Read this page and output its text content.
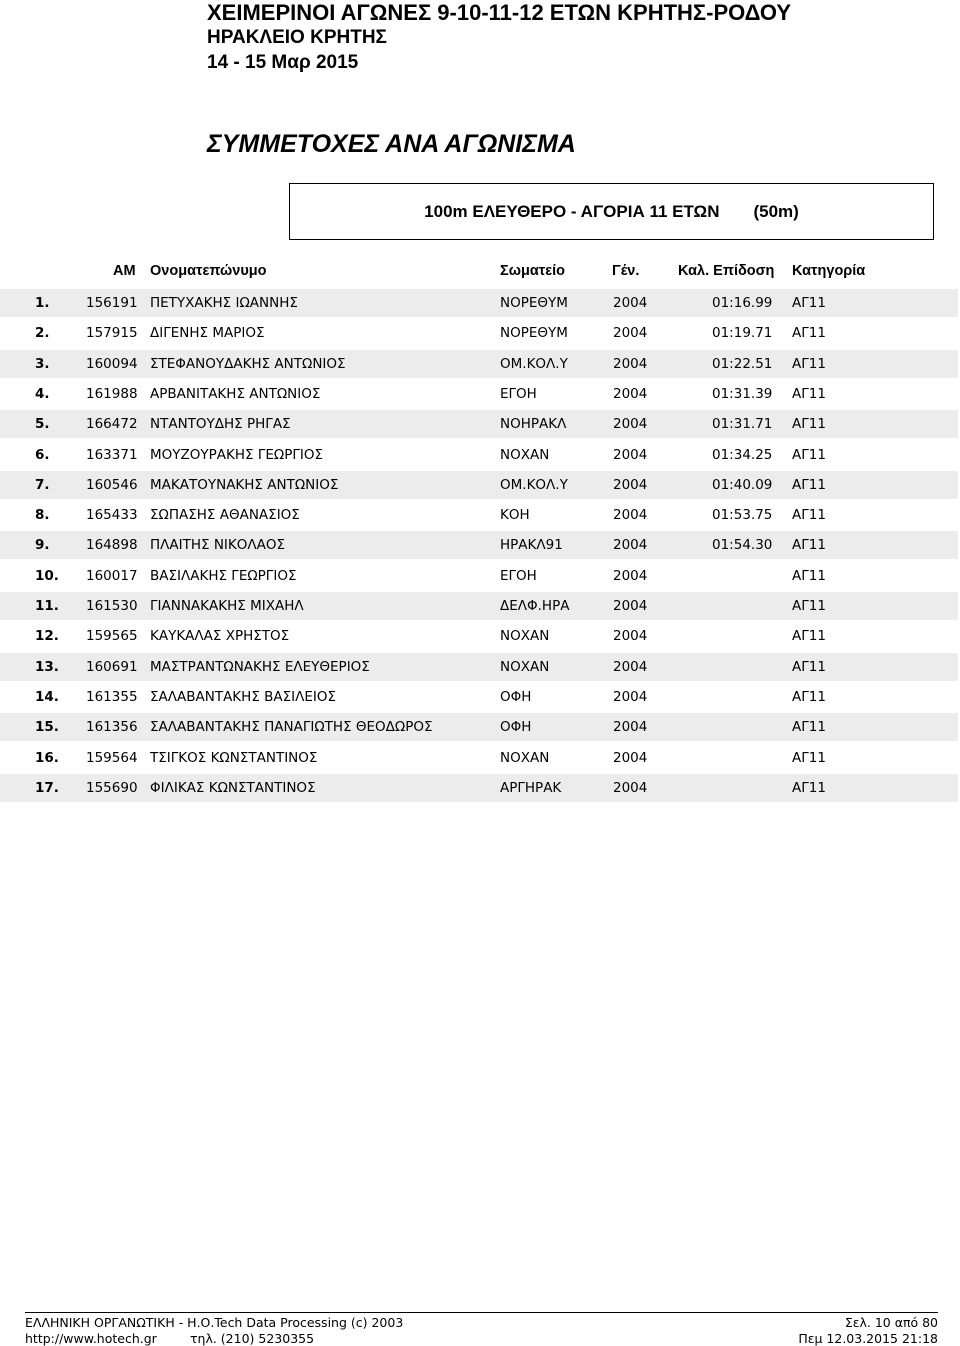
ΧΕΙΜΕΡΙΝΟΙ ΑΓΩΝΕΣ 9-10-11-12 ΕΤΩΝ ΚΡΗΤΗΣ-ΡΟΔΟΥ
ΗΡΑΚΛΕΙΟ ΚΡΗΤΗΣ
14 - 15 Μαρ 2015
ΣΥΜΜΕΤΟΧΕΣ ΑΝΑ ΑΓΩΝΙΣΜΑ
100m ΕΛΕΥΘΕΡΟ - ΑΓΟΡΙΑ 11 ΕΤΩΝ (50m)
ΑΜ Ονοματεπώνυμο	Σωματείο	Γέν.	Καλ. Επίδοση Κατηγορία
1.	156191 ΠΕΤΥΧΑΚΗΣ ΙΩΑΝΝΗΣ	ΝΟΡΕΘΥΜ	2004	01:16.99 ΑΓ11
2.	157915 ΔΙΓΕΝΗΣ ΜΑΡΙΟΣ	ΝΟΡΕΘΥΜ	2004	01:19.71 ΑΓ11
3.	160094 ΣΤΕΦΑΝΟΥΔΑΚΗΣ ΑΝΤΩΝΙΟΣ	ΟΜ.ΚΟΛ.Υ	2004	01:22.51 ΑΓ11
4.	161988 ΑΡΒΑΝΙΤΑΚΗΣ ΑΝΤΩΝΙΟΣ	ΕΓΟΗ	2004	01:31.39 ΑΓ11
5.	166472 ΝΤΑΝΤΟΥΔΗΣ ΡΗΓΑΣ	ΝΟΗΡΑΚΛ	2004	01:31.71 ΑΓ11
6.	163371 ΜΟΥΖΟΥΡΑΚΗΣ ΓΕΩΡΓΙΟΣ	ΝΟΧΑΝ	2004	01:34.25 ΑΓ11
7.	160546 ΜΑΚΑΤΟΥΝΑΚΗΣ ΑΝΤΩΝΙΟΣ	ΟΜ.ΚΟΛ.Υ	2004	01:40.09 ΑΓ11
8.	165433 ΣΩΠΑΣΗΣ ΑΘΑΝΑΣΙΟΣ	ΚΟΗ	2004	01:53.75 ΑΓ11
9.	164898 ΠΛΑΙΤΗΣ ΝΙΚΟΛΑΟΣ	ΗΡΑΚΛ91	2004	01:54.30 ΑΓ11
10. 160017 ΒΑΣΙΛΑΚΗΣ ΓΕΩΡΓΙΟΣ	ΕΓΟΗ	2004	ΑΓ11
11. 161530 ΓΙΑΝΝΑΚΑΚΗΣ ΜΙΧΑΗΛ	ΔΕΛΦ.ΗΡΑ	2004	ΑΓ11
12. 159565 ΚΑΥΚΑΛΑΣ ΧΡΗΣΤΟΣ	ΝΟΧΑΝ	2004	ΑΓ11
13. 160691 ΜΑΣΤΡΑΝΤΩΝΑΚΗΣ ΕΛΕΥΘΕΡΙΟΣ	ΝΟΧΑΝ	2004	ΑΓ11
14. 161355 ΣΑΛΑΒΑΝΤΑΚΗΣ ΒΑΣΙΛΕΙΟΣ	ΟΦΗ	2004	ΑΓ11
15. 161356 ΣΑΛΑΒΑΝΤΑΚΗΣ ΠΑΝΑΓΙΩΤΗΣ ΘΕΟΔΩΡΟΣ	ΟΦΗ	2004	ΑΓ11
16. 159564 ΤΣΙΓΚΟΣ ΚΩΝΣΤΑΝΤΙΝΟΣ	ΝΟΧΑΝ	2004	ΑΓ11
17. 155690 ΦΙΛΙΚΑΣ ΚΩΝΣΤΑΝΤΙΝΟΣ	ΑΡΓΗΡΑΚ	2004	ΑΓ11
ΕΛΛΗΝΙΚΗ ΟΡΓΑΝΩΤΙΚΗ - Η.Ο.Tech Data Processing (c) 2003
http://www.hotech.gr	τηλ. (210) 5230355
Σελ. 10 από 80
Πεμ 12.03.2015 21:18
